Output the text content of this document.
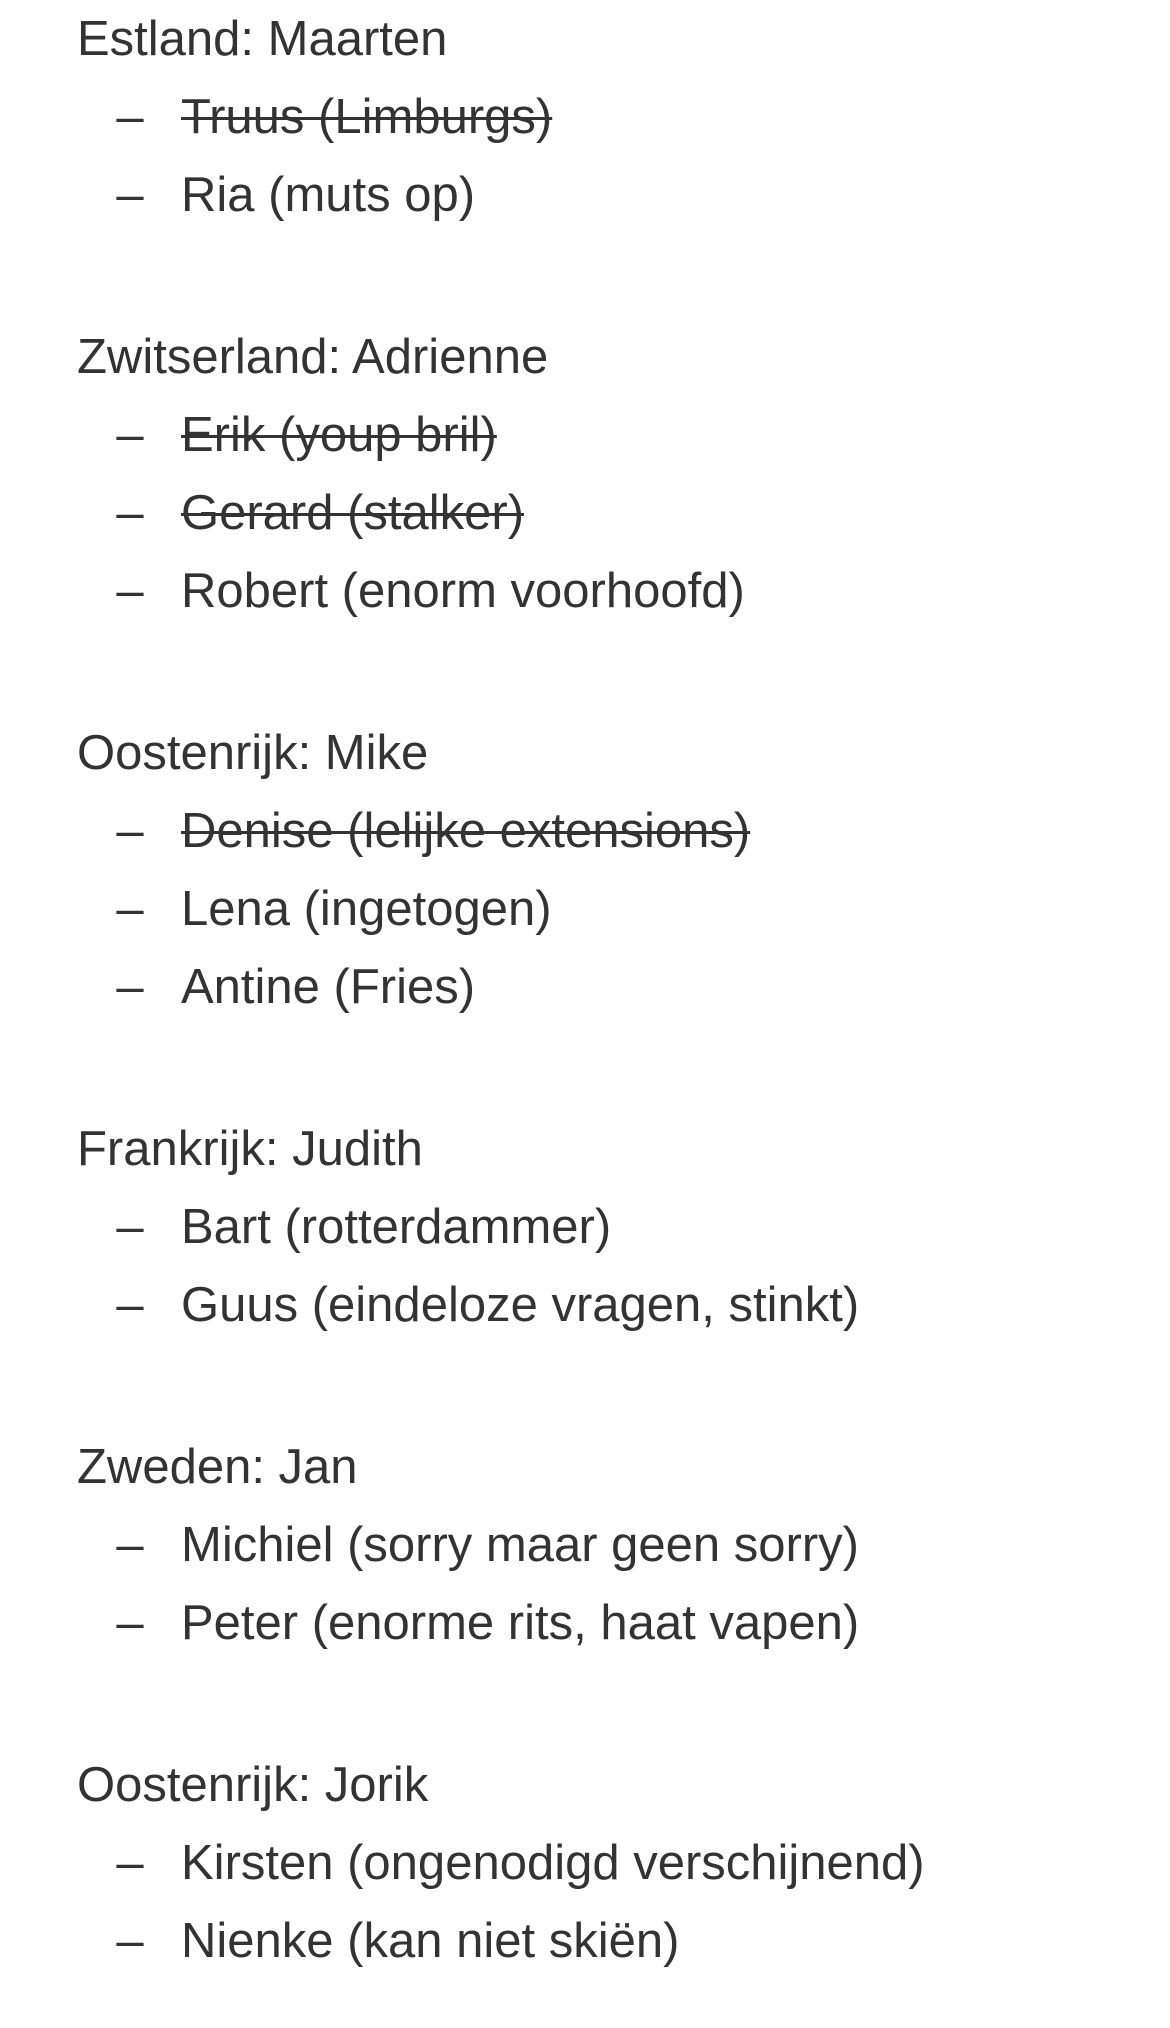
Estland: Maarten
– Truus (Limburgs)
– Ria (muts op)
Zwitserland: Adrienne
– Erik (youp bril)
– Gerard (stalker)
– Robert (enorm voorhoofd)
Oostenrijk: Mike
– Denise (lelijke extensions)
– Lena (ingetogen)
– Antine (Fries)
Frankrijk: Judith
– Bart (rotterdammer)
– Guus (eindeloze vragen, stinkt)
Zweden: Jan
– Michiel (sorry maar geen sorry)
– Peter (enorme rits, haat vapen)
Oostenrijk: Jorik
– Kirsten (ongenodigd verschijnend)
– Nienke (kan niet skiën)
